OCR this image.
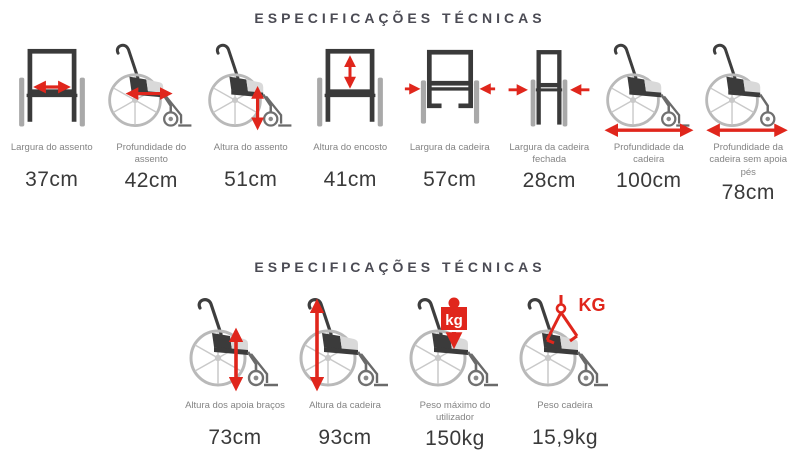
ESPECIFICAÇÕES TÉCNICAS
Largura do assento
37cm
Profundidade do assento
42cm
Altura do assento
51cm
Altura do encosto
41cm
Largura da cadeira
57cm
Largura da cadeira fechada
28cm
Profundidade da cadeira
100cm
Profundidade da cadeira sem apoia pés
78cm
ESPECIFICAÇÕES TÉCNICAS
Altura dos apoia braços
73cm
Altura da cadeira
93cm
kg
Peso máximo do utilizador
150kg
KG
Peso cadeira
15,9kg
